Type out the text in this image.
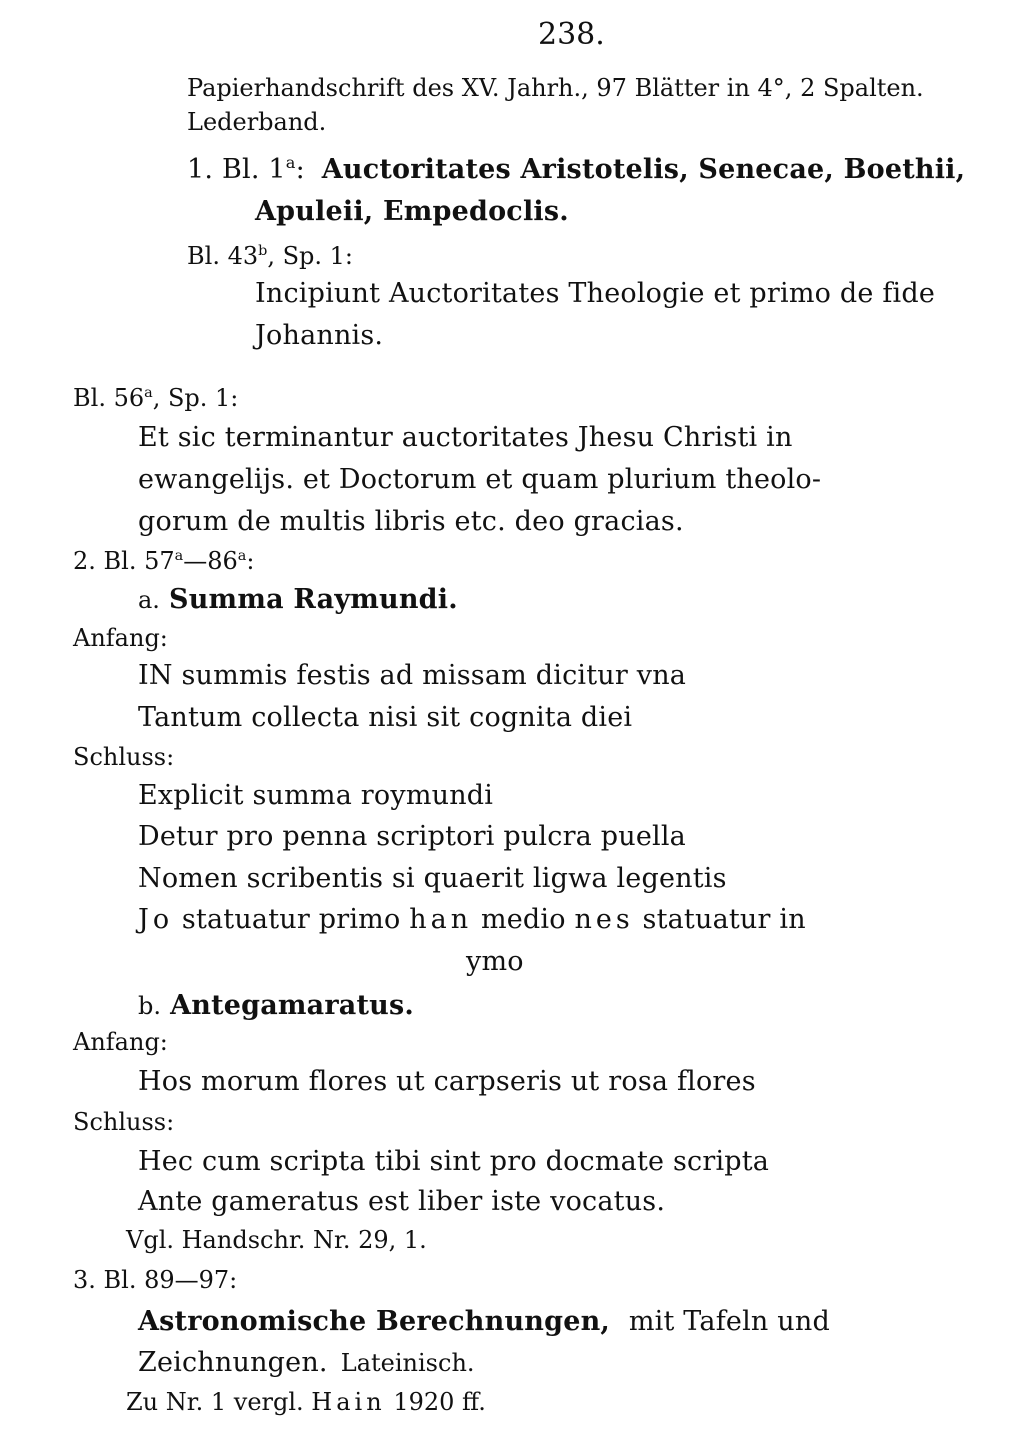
238.
Papierhandschrift des XV. Jahrh., 97 Blätter in 4°, 2 Spalten.
Lederband.
1. Bl. 1$^a$: Auctoritates Aristotelis, Senecae, Boethii,
Apuleii, Empedoclis.
Bl. 43$^b$, Sp. 1:
Incipiunt Auctoritates Theologie et primo de fide
Johannis.
Bl. 56$^a$, Sp. 1:
Et sic terminantur auctoritates Jhesu Christi in
ewangelijs. et Doctorum et quam plurium theolo-
gorum de multis libris etc. deo gracias.
2. Bl. 57$^a$—86$^a$:
a. Summa Raymundi.
Anfang:
IN summis festis ad missam dicitur vna
Tantum collecta nisi sit cognita diei
Schluss:
Explicit summa roymundi
Detur pro penna scriptori pulcra puella
Nomen scribentis si quaerit ligwa legentis
Jo statuatur primo han medio nes statuatur in
ymo
b. Antegamaratus.
Anfang:
Hos morum flores ut carpseris ut rosa flores
Schluss:
Hec cum scripta tibi sint pro docmate scripta
Ante gameratus est liber iste vocatus.
Vgl. Handschr. Nr. 29, 1.
3. Bl. 89—97:
Astronomische Berechnungen, mit Tafeln und
Zeichnungen. Lateinisch.
Zu Nr. 1 vergl. Hain 1920 ff.
